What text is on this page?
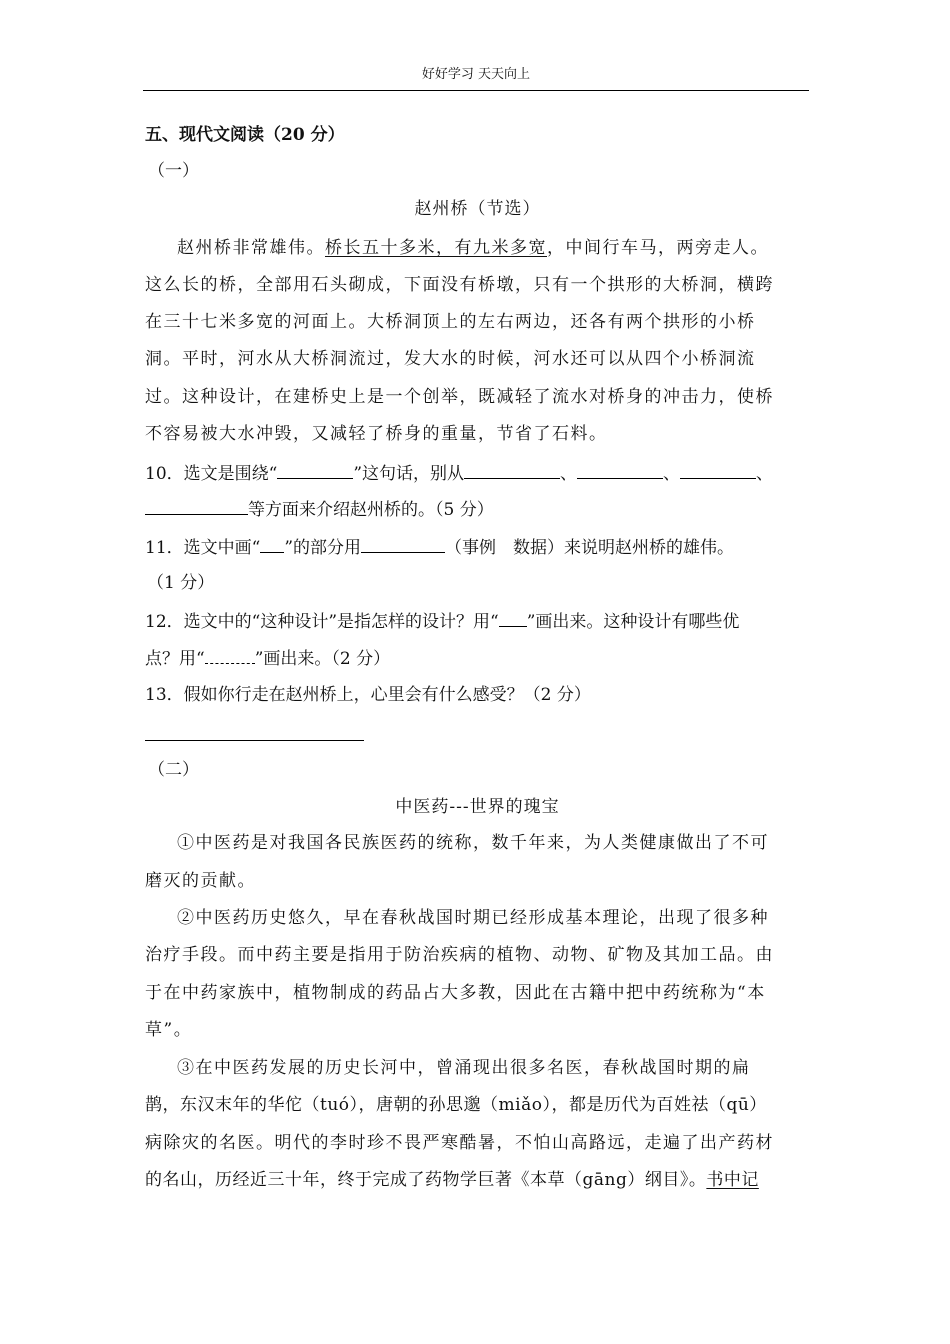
好好学习 天天向上
五、现代文阅读（20 分）
（一）
赵州桥（节选）
赵州桥非常雄伟。桥长五十多米，有九米多宽，中间行车马，两旁走人。
这么长的桥，全部用石头砌成，下面没有桥墩，只有一个拱形的大桥洞，横跨
在三十七米多宽的河面上。大桥洞顶上的左右两边，还各有两个拱形的小桥
洞。平时，河水从大桥洞流过，发大水的时候，河水还可以从四个小桥洞流
过。这种设计，在建桥史上是一个创举，既减轻了流水对桥身的冲击力，使桥
不容易被大水冲毁，又减轻了桥身的重量，节省了石料。
10．选文是围绕“	”这句话，别从	、	、	、
等方面来介绍赵州桥的。（5 分）
11．选文中画“ ”的部分用	（事例　数据）来说明赵州桥的雄伟。
（1 分）
12．选文中的“这种设计”是指怎样的设计？用“ ”画出来。这种设计有哪些优
点？用“	”画出来。（2 分）
13．假如你行走在赵州桥上，心里会有什么感受？（2 分）
（二）
中医药---世界的瑰宝
①中医药是对我国各民族医药的统称，数千年来，为人类健康做出了不可
磨灭的贡献。
②中医药历史悠久，早在春秋战国时期已经形成基本理论，出现了很多种
治疗手段。而中药主要是指用于防治疾病的植物、动物、矿物及其加工品。由
于在中药家族中，植物制成的药品占大多教，因此在古籍中把中药统称为“本
草”。
③在中医药发展的历史长河中，曾涌现出很多名医，春秋战国时期的扁
鹊，东汉末年的华佗（tuó），唐朝的孙思邈（miǎo），都是历代为百姓祛（qū）
病除灾的名医。明代的李时珍不畏严寒酷暑，不怕山高路远，走遍了出产药材
的名山，历经近三十年，终于完成了药物学巨著《本草（gāng）纲目》。书中记
